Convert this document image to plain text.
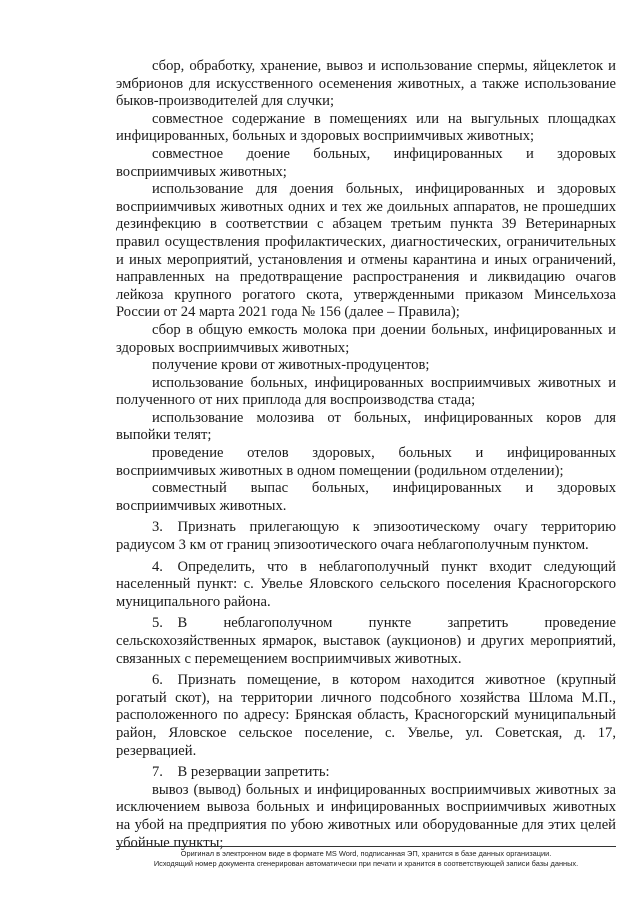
сбор, обработку, хранение, вывоз и использование спермы, яйцеклеток и эмбрионов для искусственного осеменения животных, а также использование быков-производителей для случки;

совместное содержание в помещениях или на выгульных площадках инфицированных, больных и здоровых восприимчивых животных;

совместное доение больных, инфицированных и здоровых восприимчивых животных;

использование для доения больных, инфицированных и здоровых восприимчивых животных одних и тех же доильных аппаратов, не прошедших дезинфекцию в соответствии с абзацем третьим пункта 39 Ветеринарных правил осуществления профилактических, диагностических, ограничительных и иных мероприятий, установления и отмены карантина и иных ограничений, направленных на предотвращение распространения и ликвидацию очагов лейкоза крупного рогатого скота, утвержденными приказом Минсельхоза России от 24 марта 2021 года № 156 (далее – Правила);

сбор в общую емкость молока при доении больных, инфицированных и здоровых восприимчивых животных;

получение крови от животных-продуцентов;

использование больных, инфицированных восприимчивых животных и полученного от них приплода для воспроизводства стада;

использование молозива от больных, инфицированных коров для выпойки телят;

проведение отелов здоровых, больных и инфицированных восприимчивых животных в одном помещении (родильном отделении);

совместный выпас больных, инфицированных и здоровых восприимчивых животных.

3. Признать прилегающую к эпизоотическому очагу территорию радиусом 3 км от границ эпизоотического очага неблагополучным пунктом.

4. Определить, что в неблагополучный пункт входит следующий населенный пункт: с. Увелье Яловского сельского поселения Красногорского муниципального района.

5. В неблагополучном пункте запретить проведение сельскохозяйственных ярмарок, выставок (аукционов) и других мероприятий, связанных с перемещением восприимчивых животных.

6. Признать помещение, в котором находится животное (крупный рогатый скот), на территории личного подсобного хозяйства Шлома М.П., расположенного по адресу: Брянская область, Красногорский муниципальный район, Яловское сельское поселение, с. Увелье, ул. Советская, д. 17, резервацией.

7. В резервации запретить:

вывоз (вывод) больных и инфицированных восприимчивых животных за исключением вывоза больных и инфицированных восприимчивых животных на убой на предприятия по убою животных или оборудованные для этих целей убойные пункты;

Оригинал в электронном виде в формате MS Word, подписанная ЭП, хранится в базе данных организации.
Исходящий номер документа сгенерирован автоматически при печати и хранится в соответствующей записи базы данных.
